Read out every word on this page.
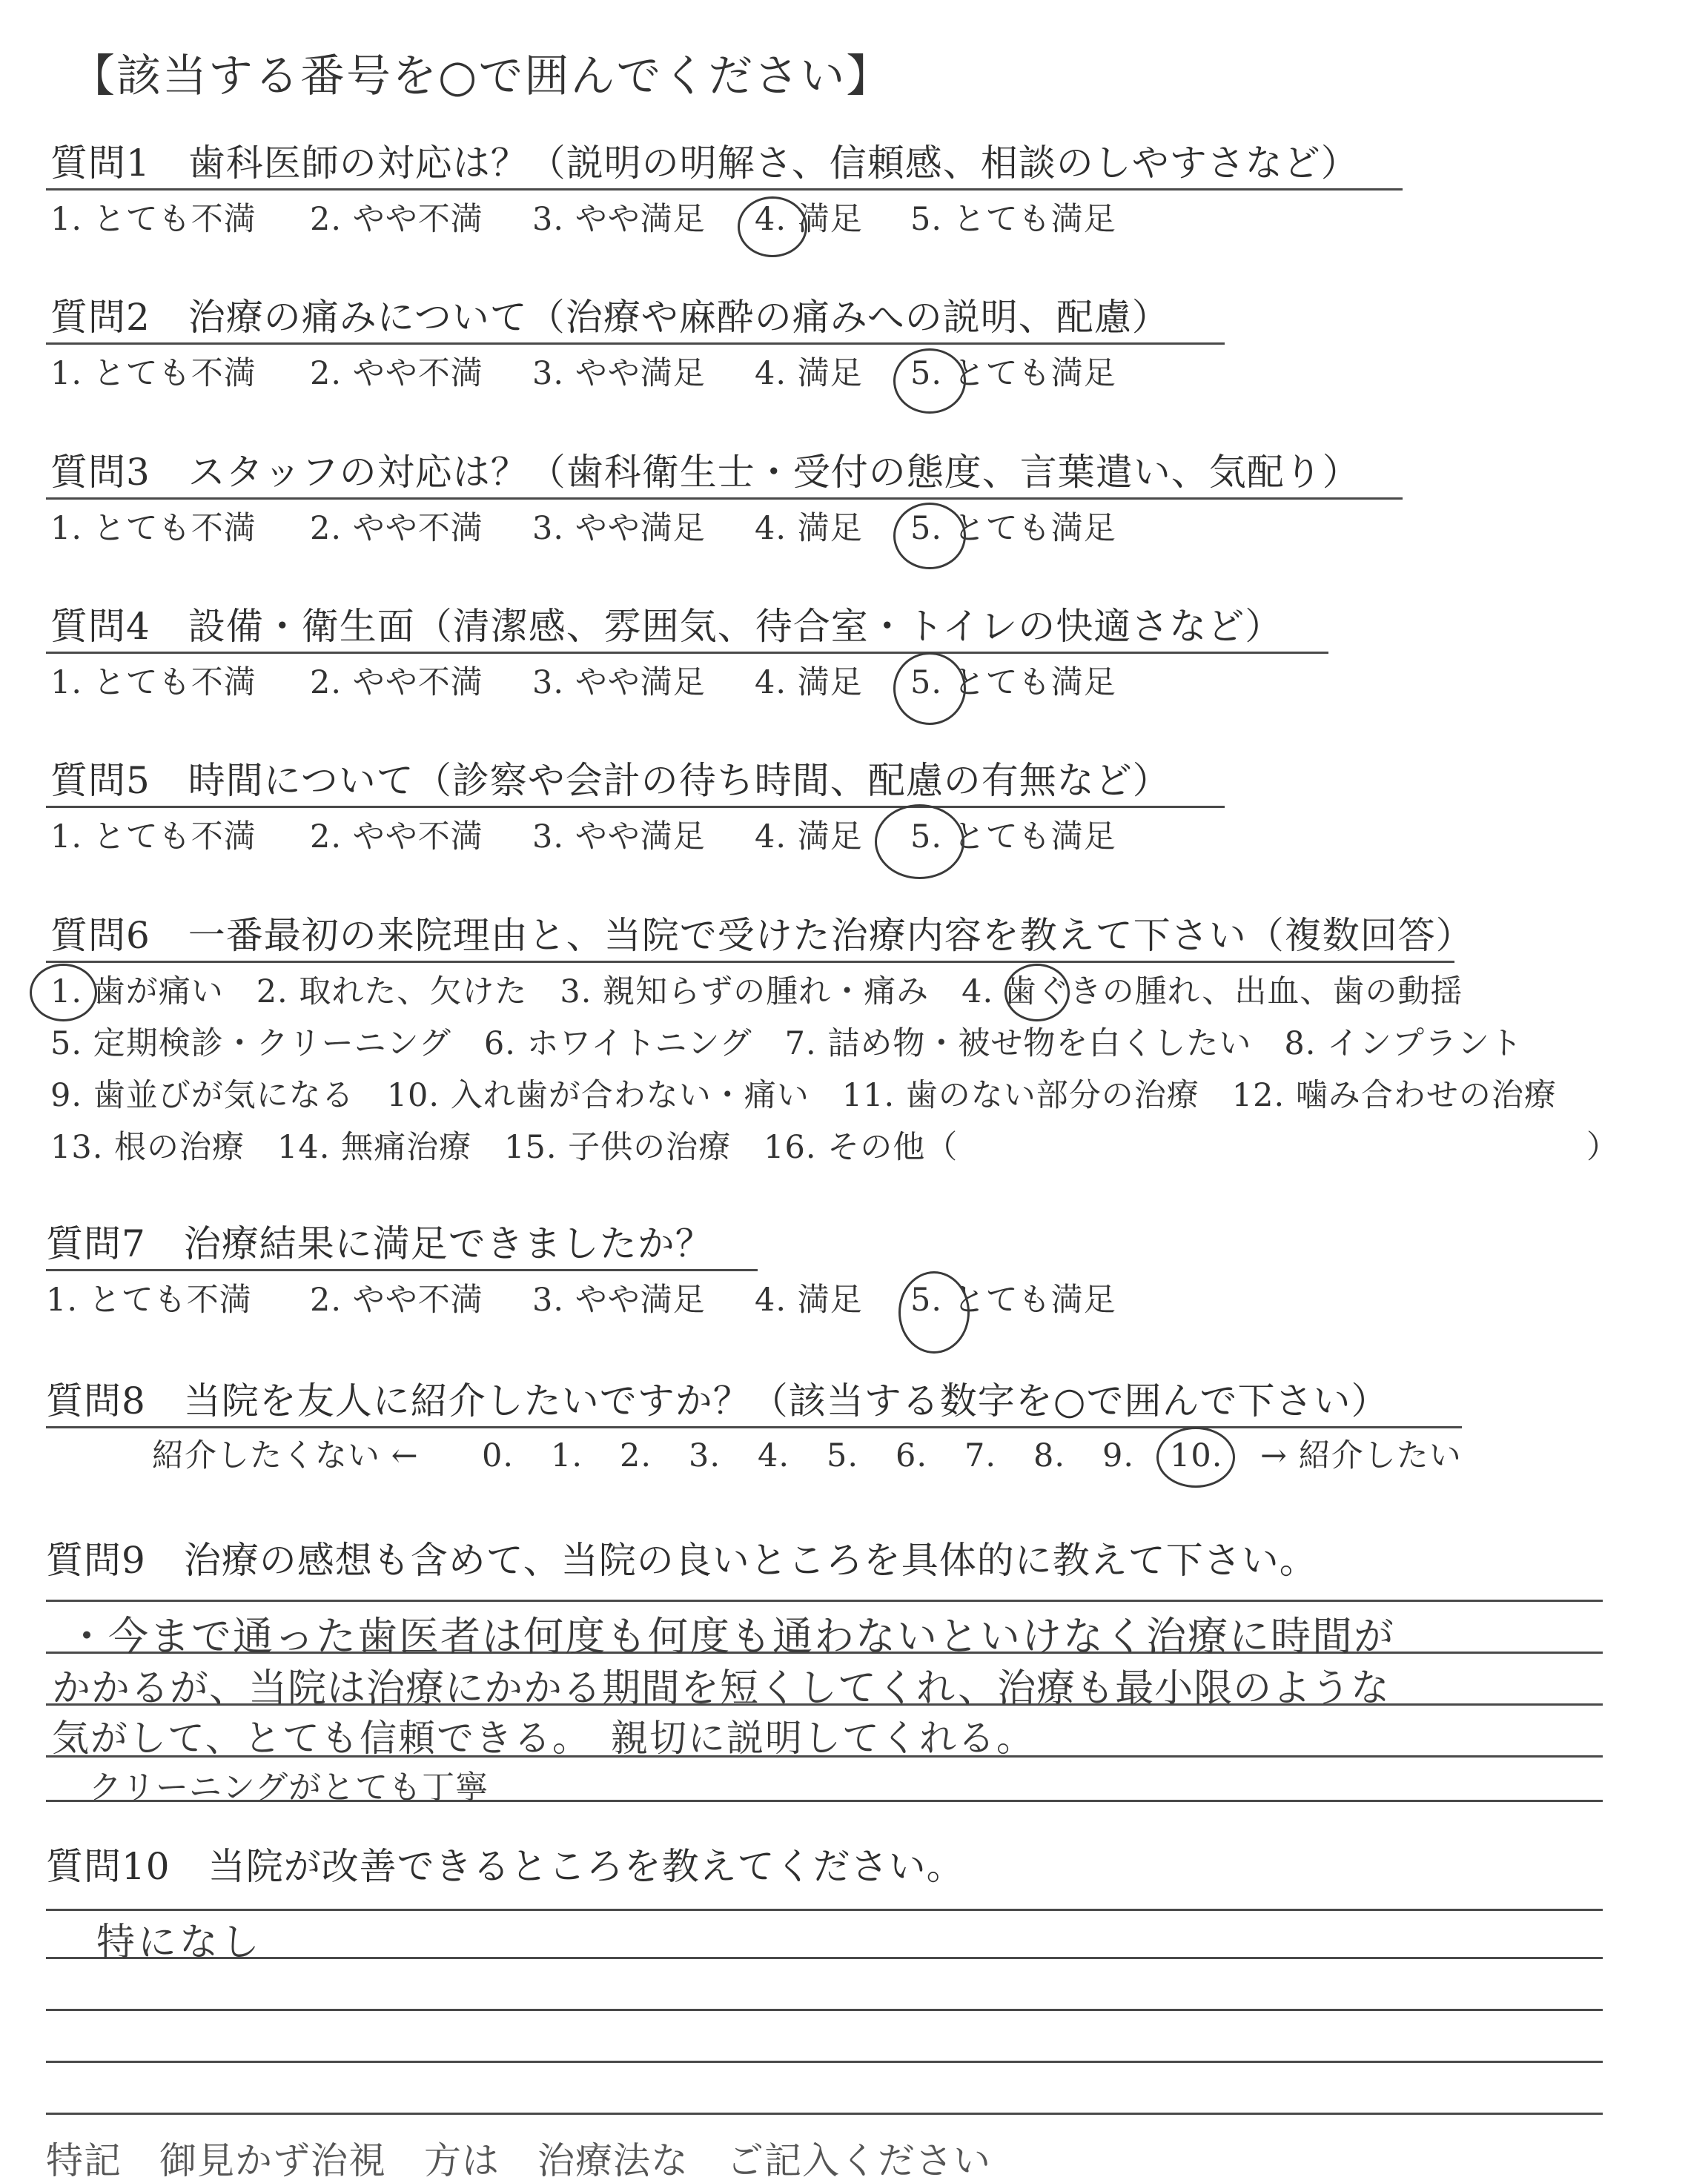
【該当する番号を○で囲んでください】
質問1　歯科医師の対応は？（説明の明解さ、信頼感、相談のしやすさなど）
1. とても不満 2. やや不満 3. やや満足 4. 満足 5. とても満足
質問2　治療の痛みについて（治療や麻酔の痛みへの説明、配慮）
1. とても不満 2. やや不満 3. やや満足 4. 満足 5. とても満足
質問3　スタッフの対応は？（歯科衛生士・受付の態度、言葉遣い、気配り）
1. とても不満 2. やや不満 3. やや満足 4. 満足 5. とても満足
質問4　設備・衛生面（清潔感、雰囲気、待合室・トイレの快適さなど）
1. とても不満 2. やや不満 3. やや満足 4. 満足 5. とても満足
質問5　時間について（診察や会計の待ち時間、配慮の有無など）
1. とても不満 2. やや不満 3. やや満足 4. 満足 5. とても満足
質問6　一番最初の来院理由と、当院で受けた治療内容を教えて下さい（複数回答）
1. 歯が痛い　2. 取れた、欠けた　3. 親知らずの腫れ・痛み　4. 歯ぐきの腫れ、出血、歯の動揺
5. 定期検診・クリーニング　6. ホワイトニング　7. 詰め物・被せ物を白くしたい　8. インプラント
9. 歯並びが気になる　10. 入れ歯が合わない・痛い　11. 歯のない部分の治療　12. 噛み合わせの治療
13. 根の治療　14. 無痛治療　15. 子供の治療　16. その他（	）
質問7　治療結果に満足できましたか？
1. とても不満 2. やや不満 3. やや満足 4. 満足 5. とても満足
質問8　当院を友人に紹介したいですか？（該当する数字を○で囲んで下さい）
紹介したくない ← 0. 1. 2. 3. 4. 5. 6. 7. 8. 9. 10. → 紹介したい
質問9　治療の感想も含めて、当院の良いところを具体的に教えて下さい。
・今まで通った歯医者は何度も何度も通わないといけなく治療に時間が
かかるが、当院は治療にかかる期間を短くしてくれ、治療も最小限のような
気がして、とても信頼できる。　親切に説明してくれる。
クリーニングがとても丁寧
質問10　当院が改善できるところを教えてください。
特になし
特記　御見かず治視　方は　治療法な　ご記入ください
